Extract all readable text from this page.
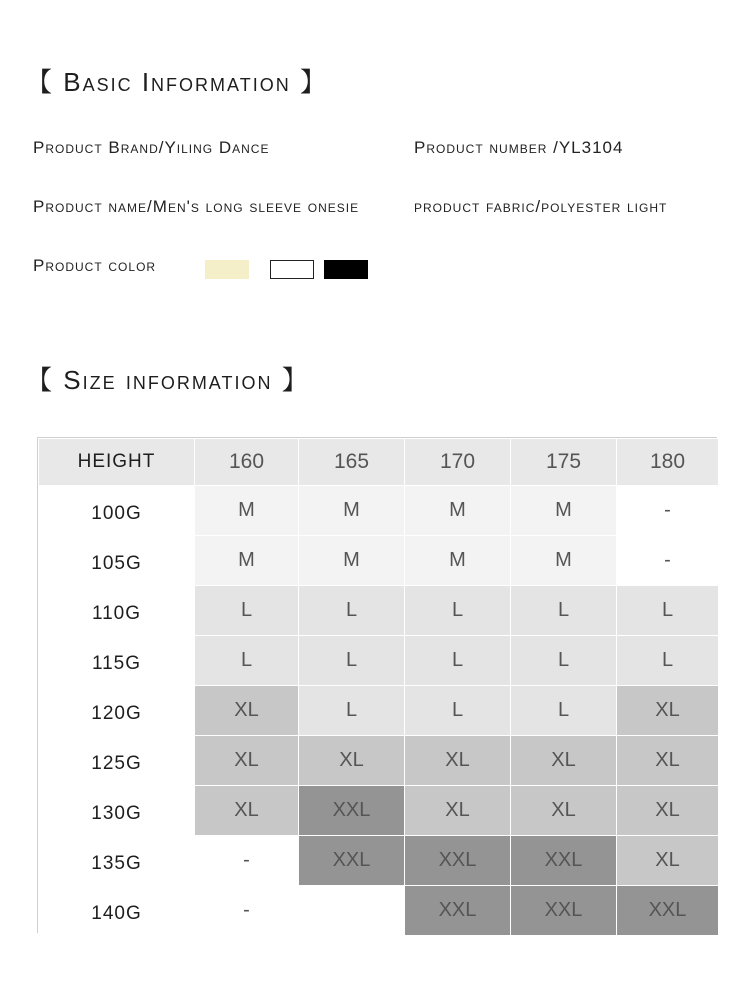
【 Basic Information 】
Product Brand/Yiling Dance	Product number /YL3104
Product name/Men's long sleeve onesie	product fabric/polyester light
Product color
【 Size information 】
HEIGHT	160	165	170	175	180
100G	M	M	M	M	-
105G	M	M	M	M	-
110G	L	L	L	L	L
115G	L	L	L	L	L
120G	XL	L	L	L	XL
125G	XL	XL	XL	XL	XL
130G	XL	XXL	XL	XL	XL
135G	-	XXL	XXL	XXL	XL
140G	-		XXL	XXL	XXL
